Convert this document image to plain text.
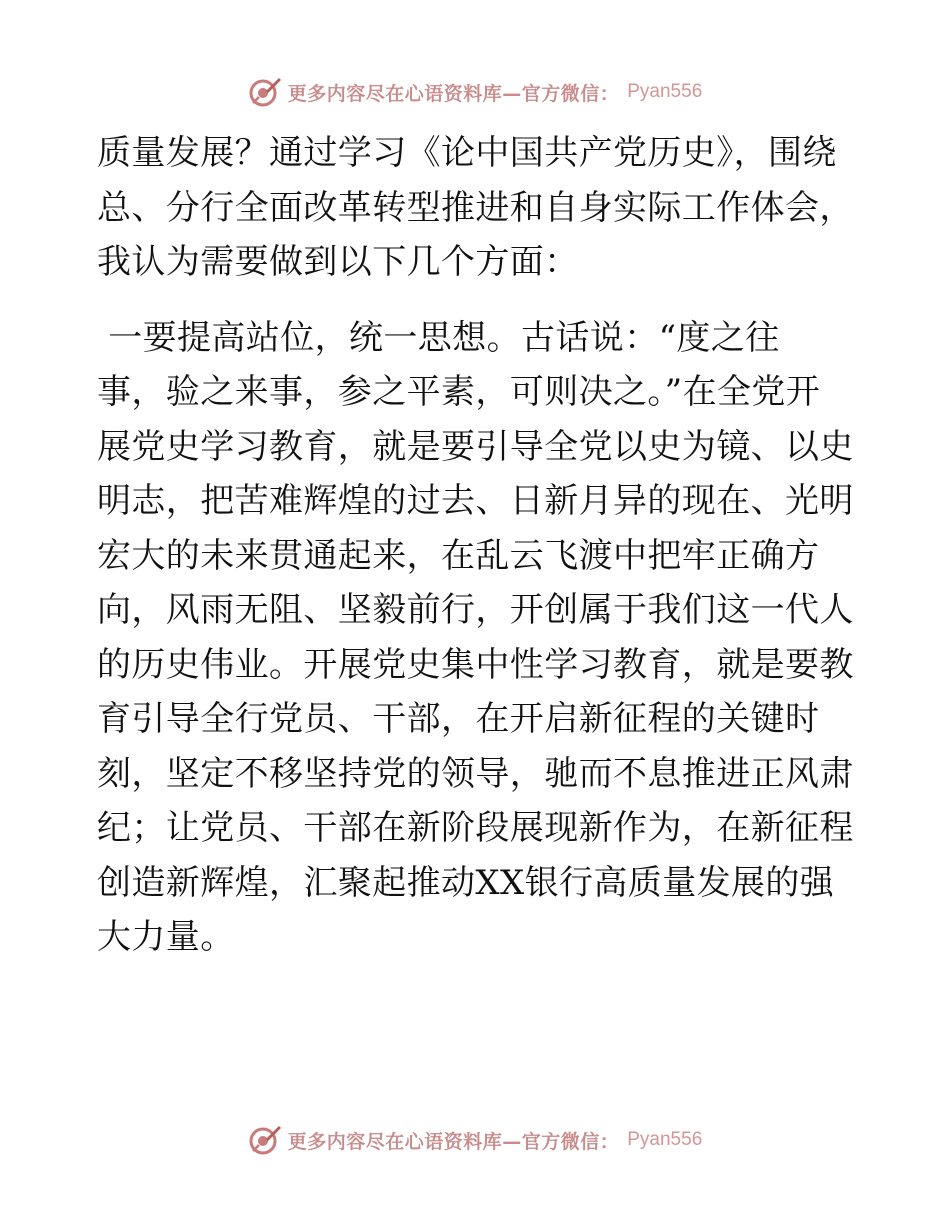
更多内容尽在心语资料库—官方微信： Pyan556

质量发展？通过学习《论中国共产党历史》，围绕
总、分行全面改革转型推进和自身实际工作体会，
我认为需要做到以下几个方面：

一要提高站位，统一思想。古话说：“度之往
事，验之来事，参之平素，可则决之。”在全党开
展党史学习教育，就是要引导全党以史为镜、以史
明志，把苦难辉煌的过去、日新月异的现在、光明
宏大的未来贯通起来，在乱云飞渡中把牢正确方
向，风雨无阻、坚毅前行，开创属于我们这一代人
的历史伟业。开展党史集中性学习教育，就是要教
育引导全行党员、干部，在开启新征程的关键时
刻，坚定不移坚持党的领导，驰而不息推进正风肃
纪；让党员、干部在新阶段展现新作为，在新征程
创造新辉煌，汇聚起推动XX银行高质量发展的强
大力量。

更多内容尽在心语资料库—官方微信： Pyan556
